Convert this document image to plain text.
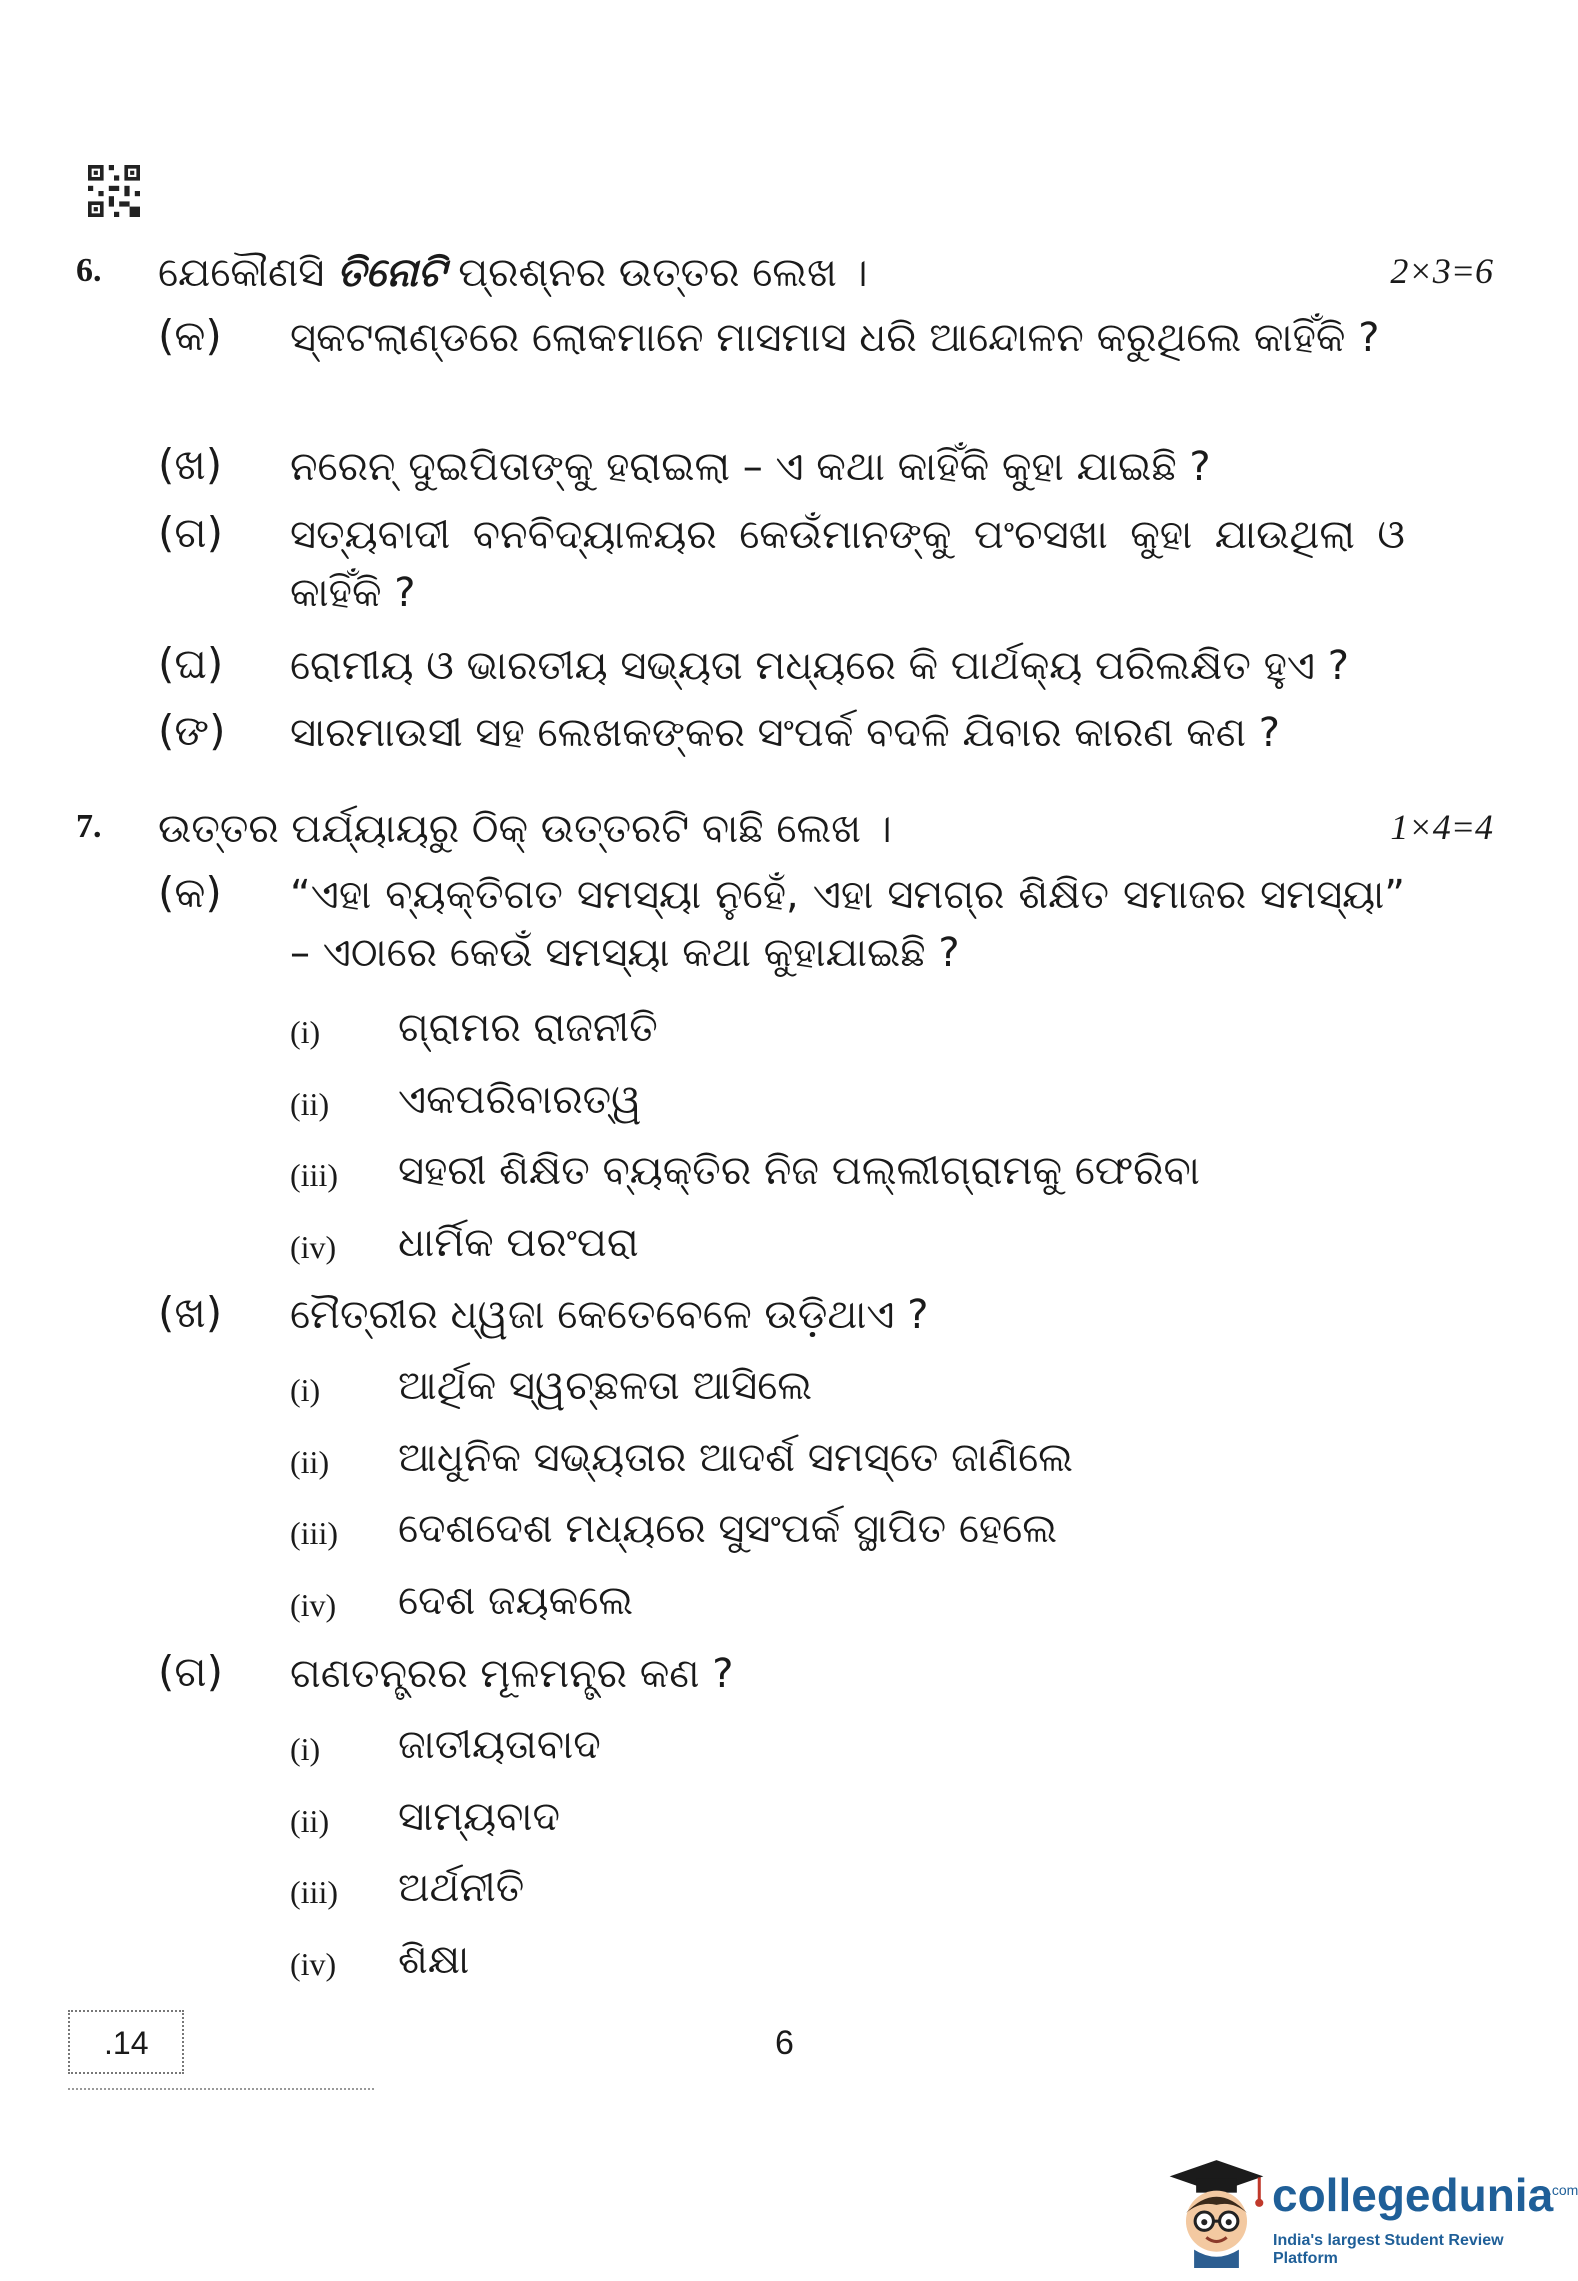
6. ଯେକୌଣସି ତିନୋଟି ପ୍ରଶ୍ନର ଉତ୍ତର ଲେଖ ।	2×3=6
(କ) ସ୍କଟଲାଣ୍ଡରେ ଲୋକମାନେ ମାସମାସ ଧରି ଆନ୍ଦୋଳନ କରୁଥିଲେ କାହିଁକି ?
(ଖ) ନରେନ୍ ଦୁଇପିତାଙ୍କୁ ହରାଇଲା – ଏ କଥା କାହିଁକି କୁହା ଯାଇଛି ?
(ଗ) ସତ୍ୟବାଦୀ ବନବିଦ୍ୟାଳୟର କେଉଁମାନଙ୍କୁ ପଂଚସଖା କୁହା ଯାଉଥିଲା ଓ କାହିଁକି ?
(ଘ) ରୋମୀୟ ଓ ଭାରତୀୟ ସଭ୍ୟତା ମଧ୍ୟରେ କି ପାର୍ଥକ୍ୟ ପରିଲକ୍ଷିତ ହୁଏ ?
(ଙ) ସାରମାଉସୀ ସହ ଲେଖକଙ୍କର ସଂପର୍କ ବଦଳି ଯିବାର କାରଣ କଣ ?
7. ଉତ୍ତର ପର୍ଯ୍ୟାୟରୁ ଠିକ୍ ଉତ୍ତରଟି ବାଛି ଲେଖ ।	1×4=4
(କ) “ଏହା ବ୍ୟକ୍ତିଗତ ସମସ୍ୟା ନୁହେଁ, ଏହା ସମଗ୍ର ଶିକ୍ଷିତ ସମାଜର ସମସ୍ୟା” – ଏଠାରେ କେଉଁ ସମସ୍ୟା କଥା କୁହାଯାଇଛି ?
(i) ଗ୍ରାମର ରାଜନୀତି
(ii) ଏକପରିବାରତ୍ୱ
(iii) ସହରୀ ଶିକ୍ଷିତ ବ୍ୟକ୍ତିର ନିଜ ପଲ୍ଲୀଗ୍ରାମକୁ ଫେରିବା
(iv) ଧାର୍ମିକ ପରଂପରା
(ଖ) ମୈତ୍ରୀର ଧ୍ୱଜା କେତେବେଳେ ଉଡ଼ିଥାଏ ?
(i) ଆର୍ଥିକ ସ୍ୱଚ୍ଛଳତା ଆସିଲେ
(ii) ଆଧୁନିକ ସଭ୍ୟତାର ଆଦର୍ଶ ସମସ୍ତେ ଜାଣିଲେ
(iii) ଦେଶଦେଶ ମଧ୍ୟରେ ସୁସଂପର୍କ ସ୍ଥାପିତ ହେଲେ
(iv) ଦେଶ ଜୟକଲେ
(ଗ) ଗଣତନ୍ତ୍ରର ମୂଳମନ୍ତ୍ର କଣ ?
(i) ଜାତୀୟତାବାଦ
(ii) ସାମ୍ୟବାଦ
(iii) ଅର୍ଥନୀତି
(iv) ଶିକ୍ଷା
.14	6
collegedunia
.com
India's largest Student Review Platform
